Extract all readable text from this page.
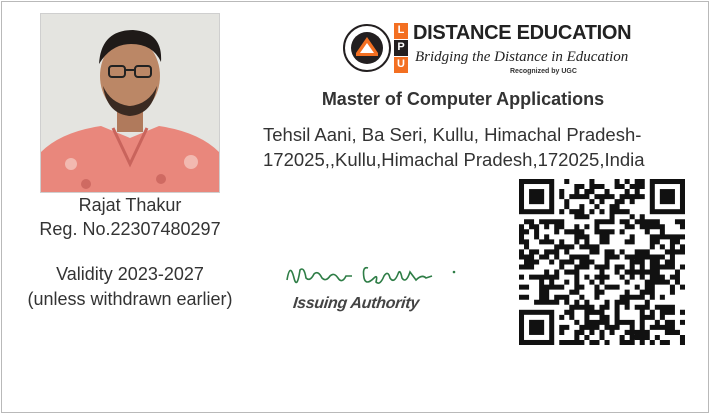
Rajat Thakur
Reg. No.22307480297
Validity 2023-2027
(unless withdrawn earlier)
L
P
U
DISTANCE EDUCATION
Bridging the Distance in Education
Recognized by UGC
Master of Computer Applications
Tehsil Aani, Ba Seri, Kullu, Himachal Pradesh-
172025,,Kullu,Himachal Pradesh,172025,India
Issuing Authority
